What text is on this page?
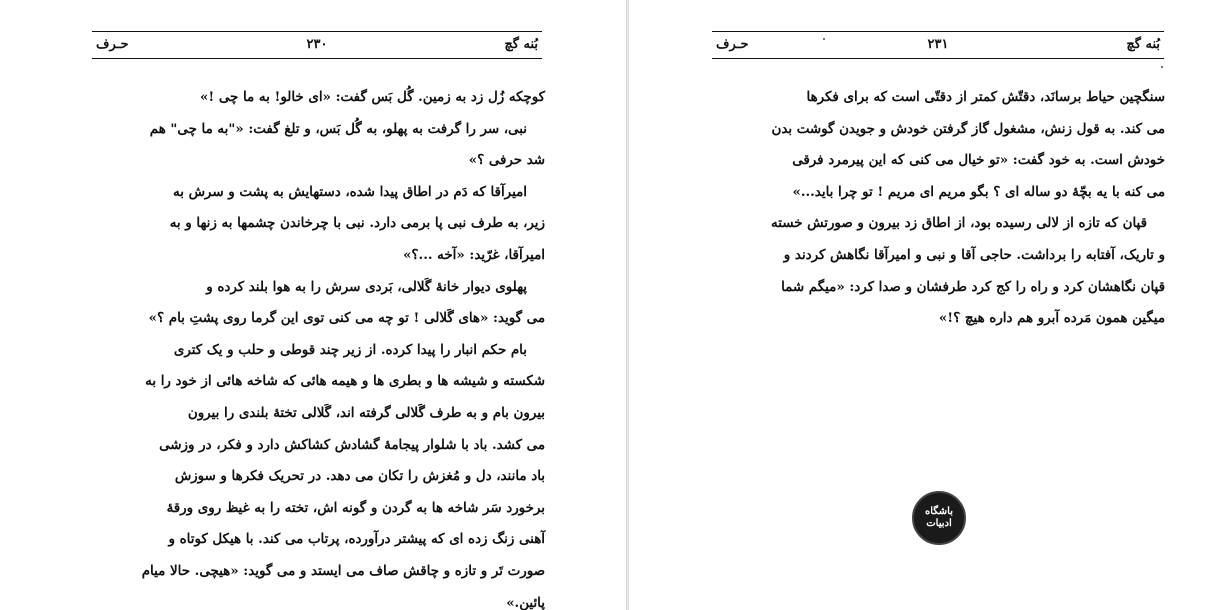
بُنه گچ
۲۳۰
حـرف

کوچکه زُل زد به زمین. گُل بَس گفت: «ای خالو! به ما چی !»

نبی، سر را گرفت به پهلو، به گُل بَس، و تلغ گفت: «"به ما چی" هم
شد حرفی ؟»

امیرآقا که دَم در اطاق پیدا شده، دستهایش به پشت و سرش به
زیر، به طرف نبی پا برمی دارد. نبی با چرخاندن چشمها به زنها و به
امیرآقا، غرّید: «آخه ...؟»

پهلوی دیوار خانهٔ گَلالی، بَردی سرش را به هوا بلند کرده و
می گوید: «های گَلالی ! تو چه می کنی توی این گرما روی پشتِ بام ؟»

بام حکم انبار را پیدا کرده. از زیر چند قوطی و حلب و یک کتری
شکسته و شیشه ها و بطری ها و هیمه هائی که شاخه هائی از خود را به
بیرون بام و به طرف گَلالی گرفته اند، گَلالی تختهٔ بلندی را بیرون
می کشد. باد با شلوار پیجامهٔ گشادش کشاکش دارد و فکر، در وزشی
باد مانند، دل و مُغزش را تکان می دهد. در تحریک فکرها و سوزش
برخورد سَر شاخه ها به گردن و گونه اش، تخته را به غیظ روی ورقهٔ
آهنی زنگ زده ای که پیشتر درآورده، پرتاب می کند. با هیکل کوتاه و
صورت تَر و تازه و چاقش صاف می ایستد و می گوید: «هیچی. حالا میام
پائین.»

بُنه گچ
۲۳۱
حـرف

سنگچین حیاط برسانَد، دقتّش کمتر از دقتّی است که برای فکرها
می کند. به قول زنش، مشغول گاز گرفتن خودش و جویدن گوشت بدن
خودش است. به خود گفت: «تو خیال می کنی که این پیرمرد فرقی
می کنه با یه بچّهٔ دو ساله ای ؟ بگو مریم ای مریم ! تو چرا باید...»

قپان که تازه از لالی رسیده بود، از اطاق زد بیرون و صورتش خسته
و تاریک، آفتابه را برداشت. حاجی آقا و نبی و امیرآقا نگاهش کردند و
قپان نگاهشان کرد و راه را کج کرد طرفشان و صدا کرد: «میگم شما
میگین همون مَرده آبرو هم داره هیچ ؟!»

باشگاه
ادبیات
